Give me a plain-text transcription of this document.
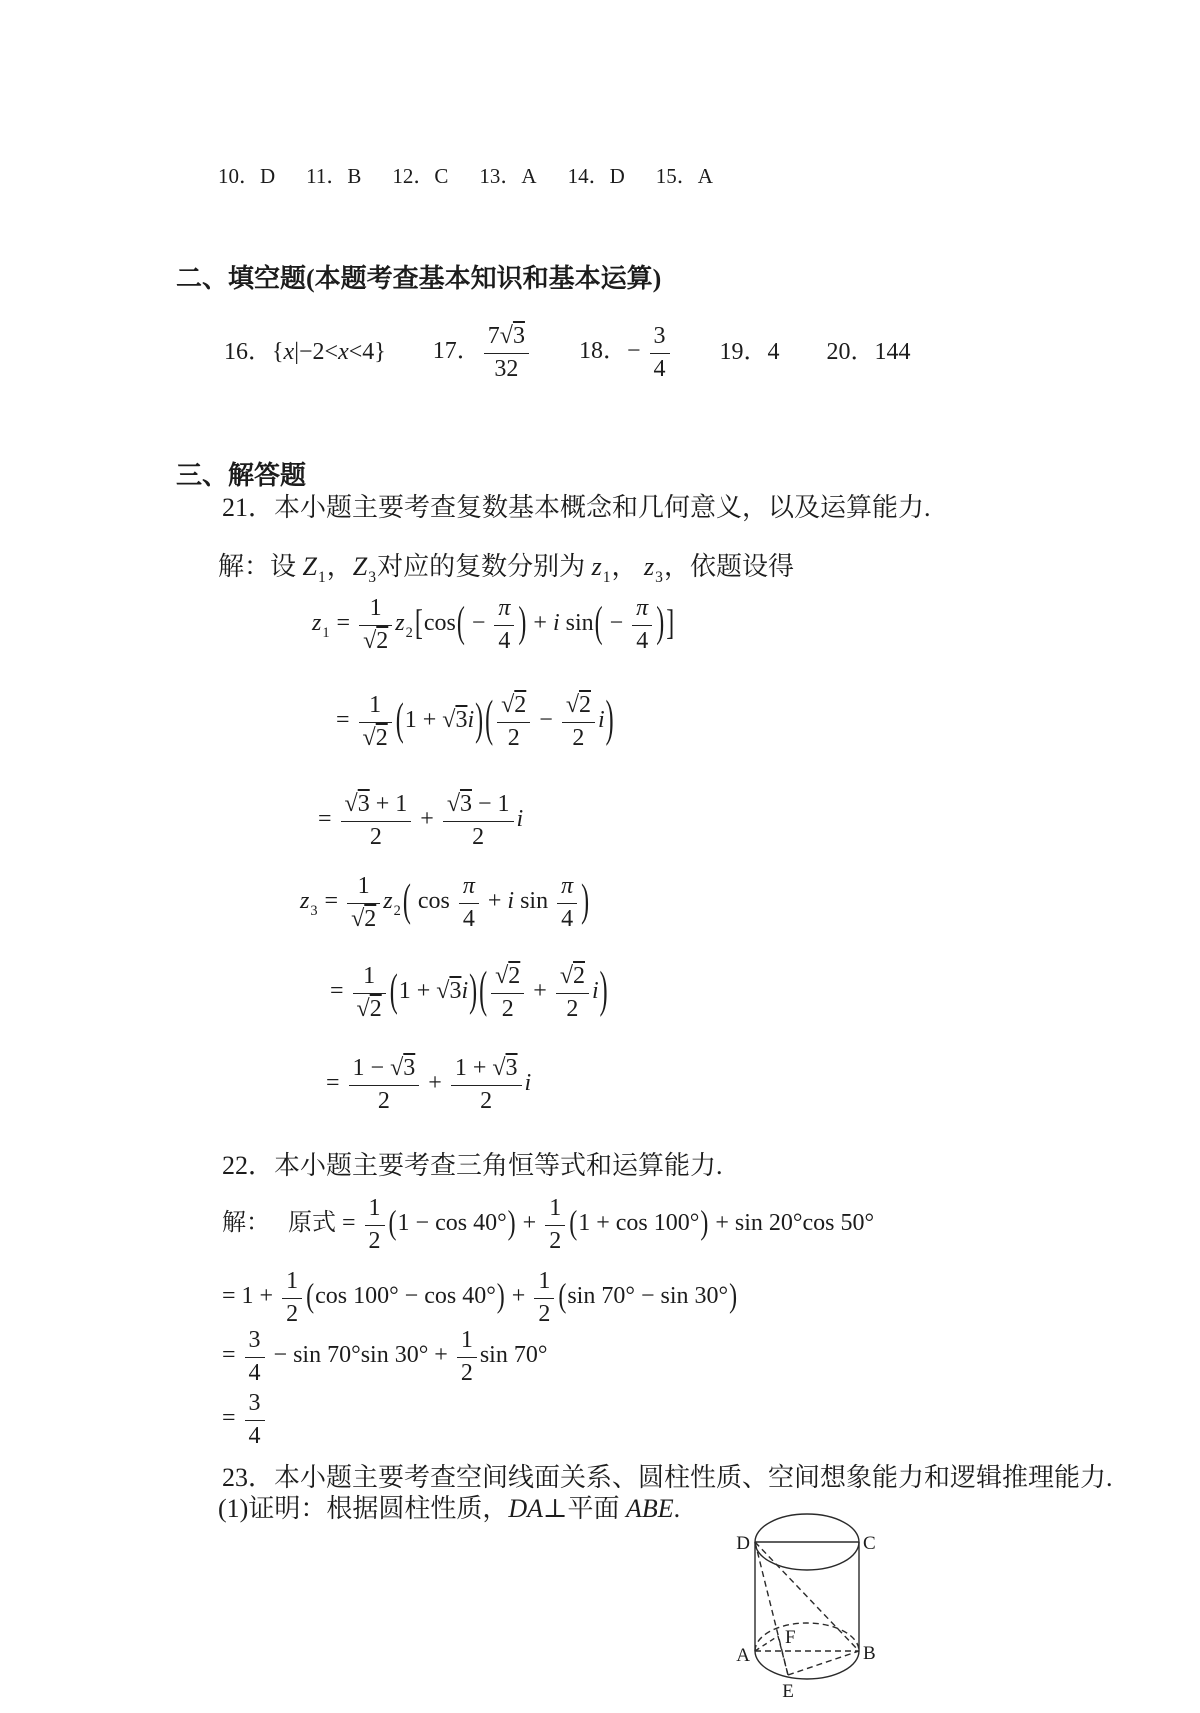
10．D 11．B 12．C 13．A 14．D 15．A
二、填空题(本题考查基本知识和基本运算)
16．{x|−2<x<4} 17． $\frac{7√3}{32} 18$．− $\frac{3}{4} 19$．4 20．144
三、解答题
21．本小题主要考查复数基本概念和几何意义，以及运算能力.
解：设 $Z_1$，$Z_3$对应的复数分别为 $z_1$， $z_3$，依题设得
$z_1 = \frac{1}{√2} z_2[\cos( - \frac{\pi}{4}$ ) + i $\sin( - \frac{\pi}{4}$ )]
= $\frac{1}{√2} (1 + √3i)( \frac{√2}{2} - \frac{√2}{2} i)$
= $\frac{√3 + 1}{2} + \frac{√3 - 1}{2}$ i
$z_3 = \frac{1}{√2} z_2$( $\cos \frac{\pi}{4} + i$ $\sin \frac{\pi}{4}$ )
= $\frac{1}{√2} (1 + √3i)( \frac{√2}{2} + \frac{√2}{2} i)$
= $\frac{1 - √3}{2} + \frac{1 + √3}{2}$ i
22．本小题主要考查三角恒等式和运算能力.
解：　 原式 = $\frac{1}{2} (1 - \cos 40^\circ) + \frac{1}{2} (1 + \cos 100^\circ) + \sin 20^\circ\cos$ 50°
= $1 + \frac{1}{2} (\cos$ $100^\circ - \cos 40^\circ) + \frac{1}{2} (\sin$ 70° − sin 30°)
= $\frac{3}{4} - \sin 70^\circ\sin$ $30^\circ + \frac{1}{2}$ sin 70°
= $\frac{3}{4}$
23．本小题主要考查空间线面关系、圆柱性质、空间想象能力和逻辑推理能力.
(1)证明：根据圆柱性质，DA⊥平面 ABE.

D	C
A	B
F
E
